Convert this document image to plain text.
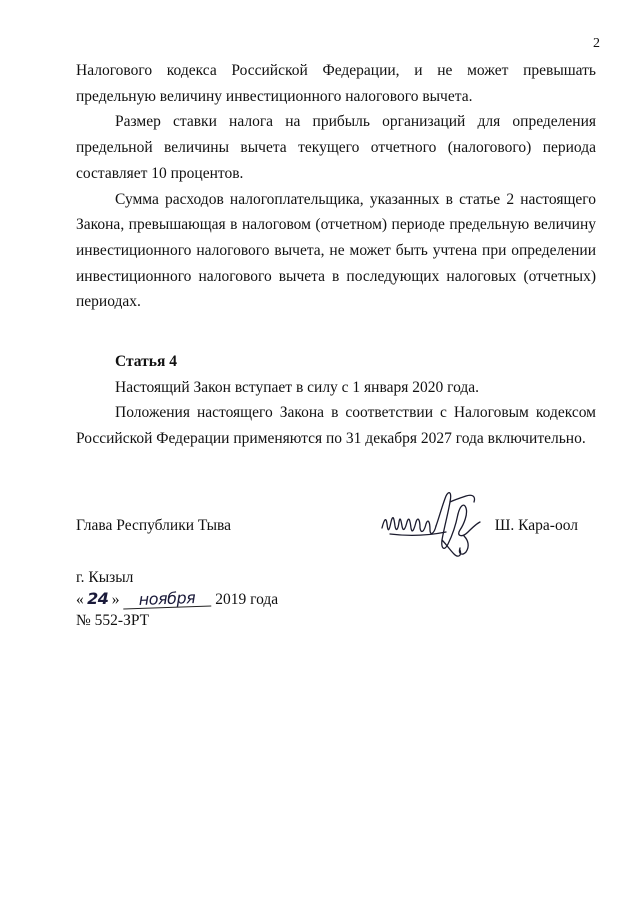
2

Налогового кодекса Российской Федерации, и не может превышать предельную величину инвестиционного налогового вычета.

Размер ставки налога на прибыль организаций для определения предельной величины вычета текущего отчетного (налогового) периода составляет 10 процентов.

Сумма расходов налогоплательщика, указанных в статье 2 настоящего Закона, превышающая в налоговом (отчетном) периоде предельную величину инвестиционного налогового вычета, не может быть учтена при определении инвестиционного налогового вычета в последующих налоговых (отчетных) периодах.

Статья 4

Настоящий Закон вступает в силу с 1 января 2020 года.

Положения настоящего Закона в соответствии с Налоговым кодексом Российской Федерации применяются по 31 декабря 2027 года включительно.

Глава Республики Тыва	Ш. Кара-оол
г. Кызыл
« 24 » ноября 2019 года
№ 552-ЗРТ
